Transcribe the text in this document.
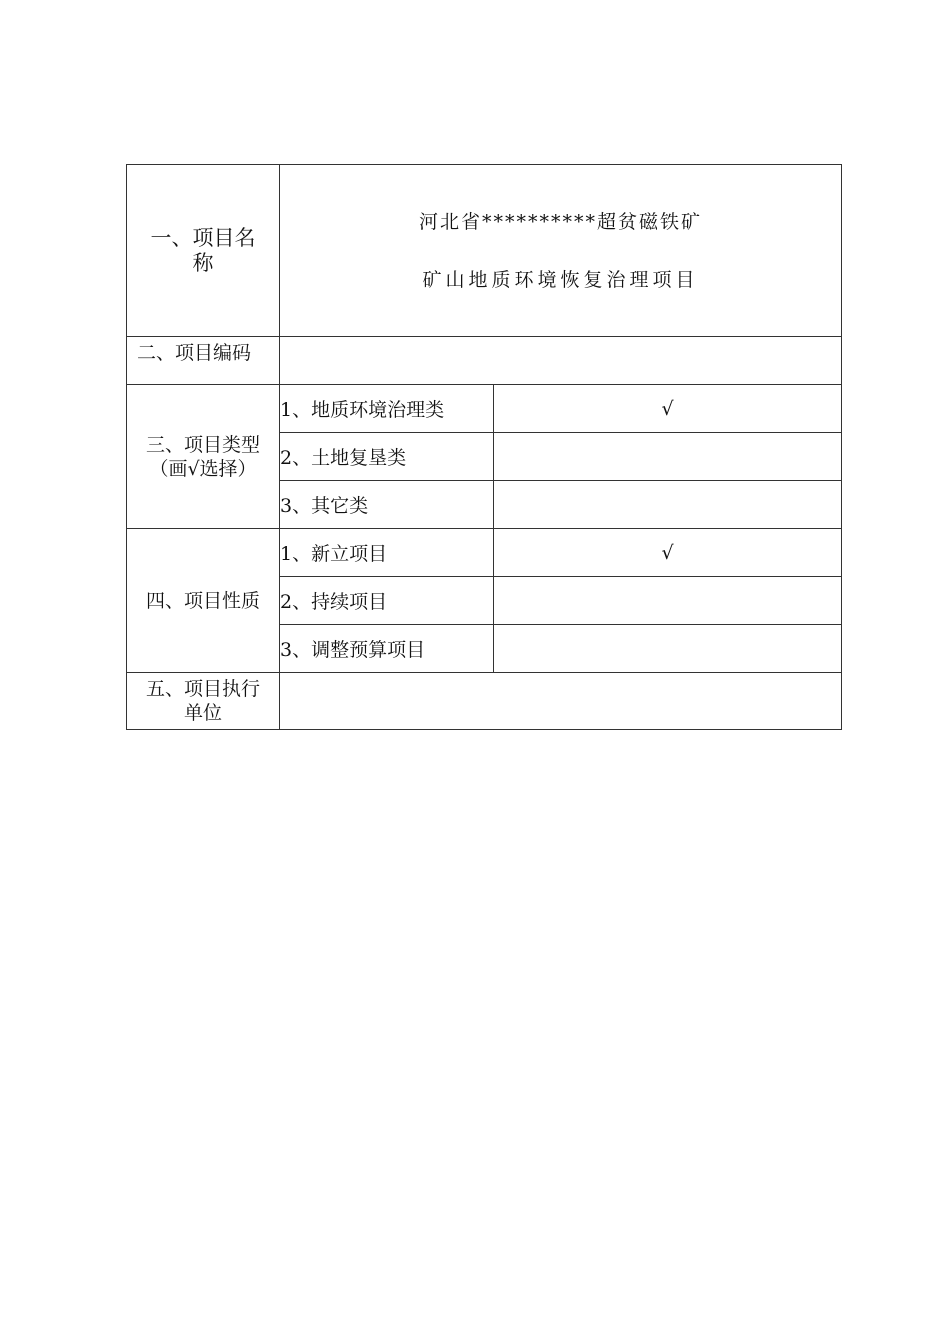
一、项目名称	河北省**********超贫磁铁矿
矿山地质环境恢复治理项目	

二、项目编码		

三、项目类型
（画√选择）	1、地质环境治理类	√
	2、土地复垦类	
	3、其它类	
四、项目性质	1、新立项目	√
	2、持续项目	
	3、调整预算项目	

五、项目执行
单位		
